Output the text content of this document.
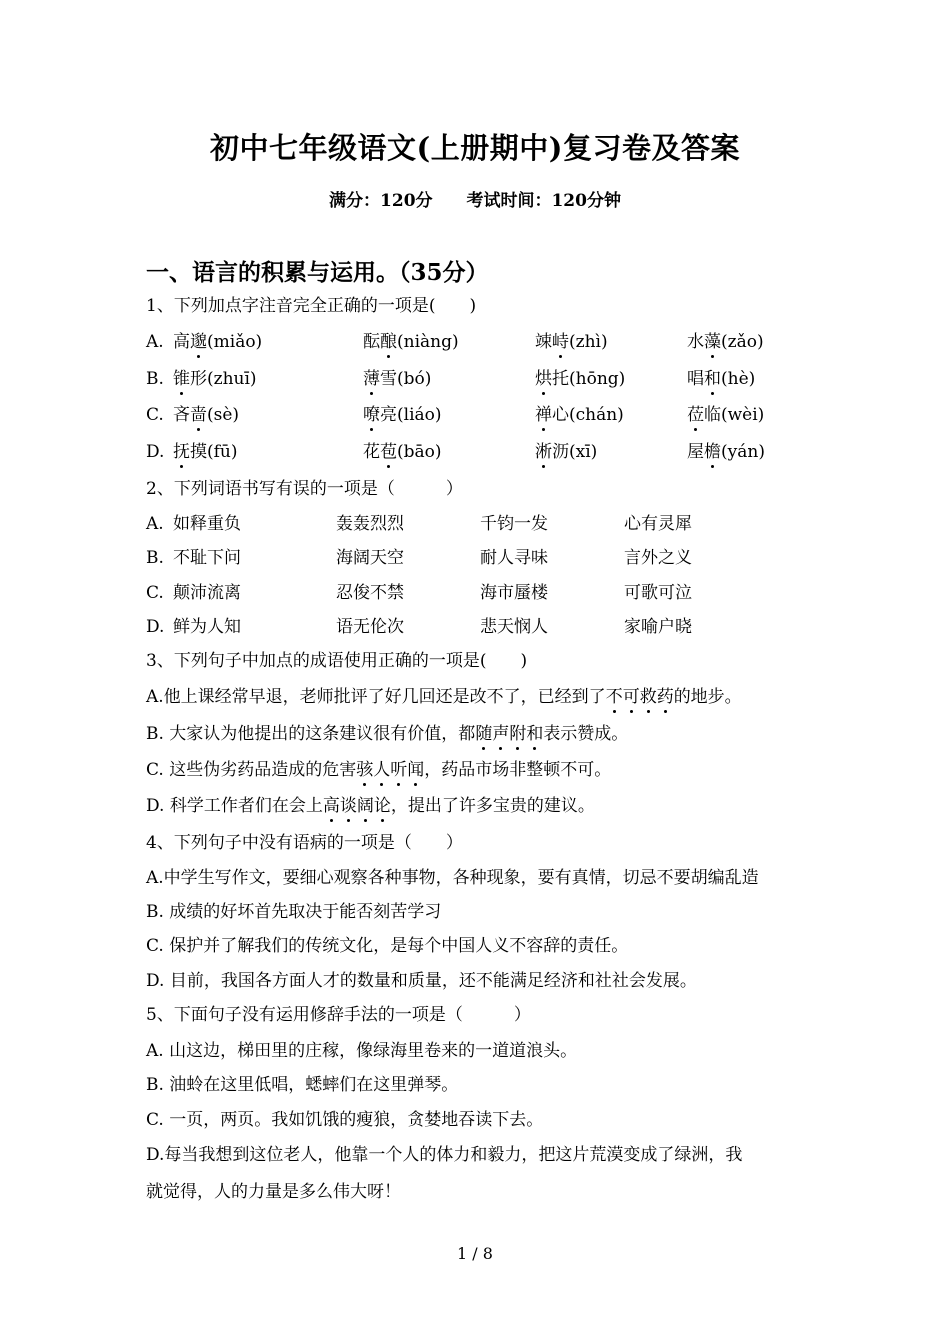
初中七年级语文(上册期中)复习卷及答案
满分：120分 考试时间：120分钟
一、语言的积累与运用。（35分）
1、下列加点字注音完全正确的一项是(　　)
A. 高邈(miǎo)	酝酿(niàng)	竦峙(zhì)	水藻(zǎo)
B. 锥形(zhuī)	薄雪(bó)	烘托(hōng)	唱和(hè)
C. 吝啬(sè)	嘹亮(liáo)	禅心(chán)	莅临(wèi)
D. 抚摸(fū)	花苞(bāo)	淅沥(xī)	屋檐(yán)
2、下列词语书写有误的一项是（　　　）
A. 如释重负	轰轰烈烈	千钧一发	心有灵犀
B. 不耻下问	海阔天空	耐人寻味	言外之义
C. 颠沛流离	忍俊不禁	海市蜃楼	可歌可泣
D. 鲜为人知	语无伦次	悲天悯人	家喻户晓
3、下列句子中加点的成语使用正确的一项是(　　)
A.他上课经常早退，老师批评了好几回还是改不了，已经到了不可救药的地步。
B. 大家认为他提出的这条建议很有价值，都随声附和表示赞成。
C. 这些伪劣药品造成的危害骇人听闻，药品市场非整顿不可。
D. 科学工作者们在会上高谈阔论，提出了许多宝贵的建议。
4、下列句子中没有语病的一项是（　　）
A.中学生写作文，要细心观察各种事物，各种现象，要有真情，切忌不要胡编乱造
B. 成绩的好坏首先取决于能否刻苦学习
C. 保护并了解我们的传统文化，是每个中国人义不容辞的责任。
D. 目前，我国各方面人才的数量和质量，还不能满足经济和社社会发展。
5、下面句子没有运用修辞手法的一项是（　　　）
A. 山这边，梯田里的庄稼，像绿海里卷来的一道道浪头。
B. 油蛉在这里低唱，蟋蟀们在这里弹琴。
C. 一页，两页。我如饥饿的瘦狼，贪婪地吞读下去。
D.每当我想到这位老人，他靠一个人的体力和毅力，把这片荒漠变成了绿洲，我
就觉得，人的力量是多么伟大呀！
1 / 8
